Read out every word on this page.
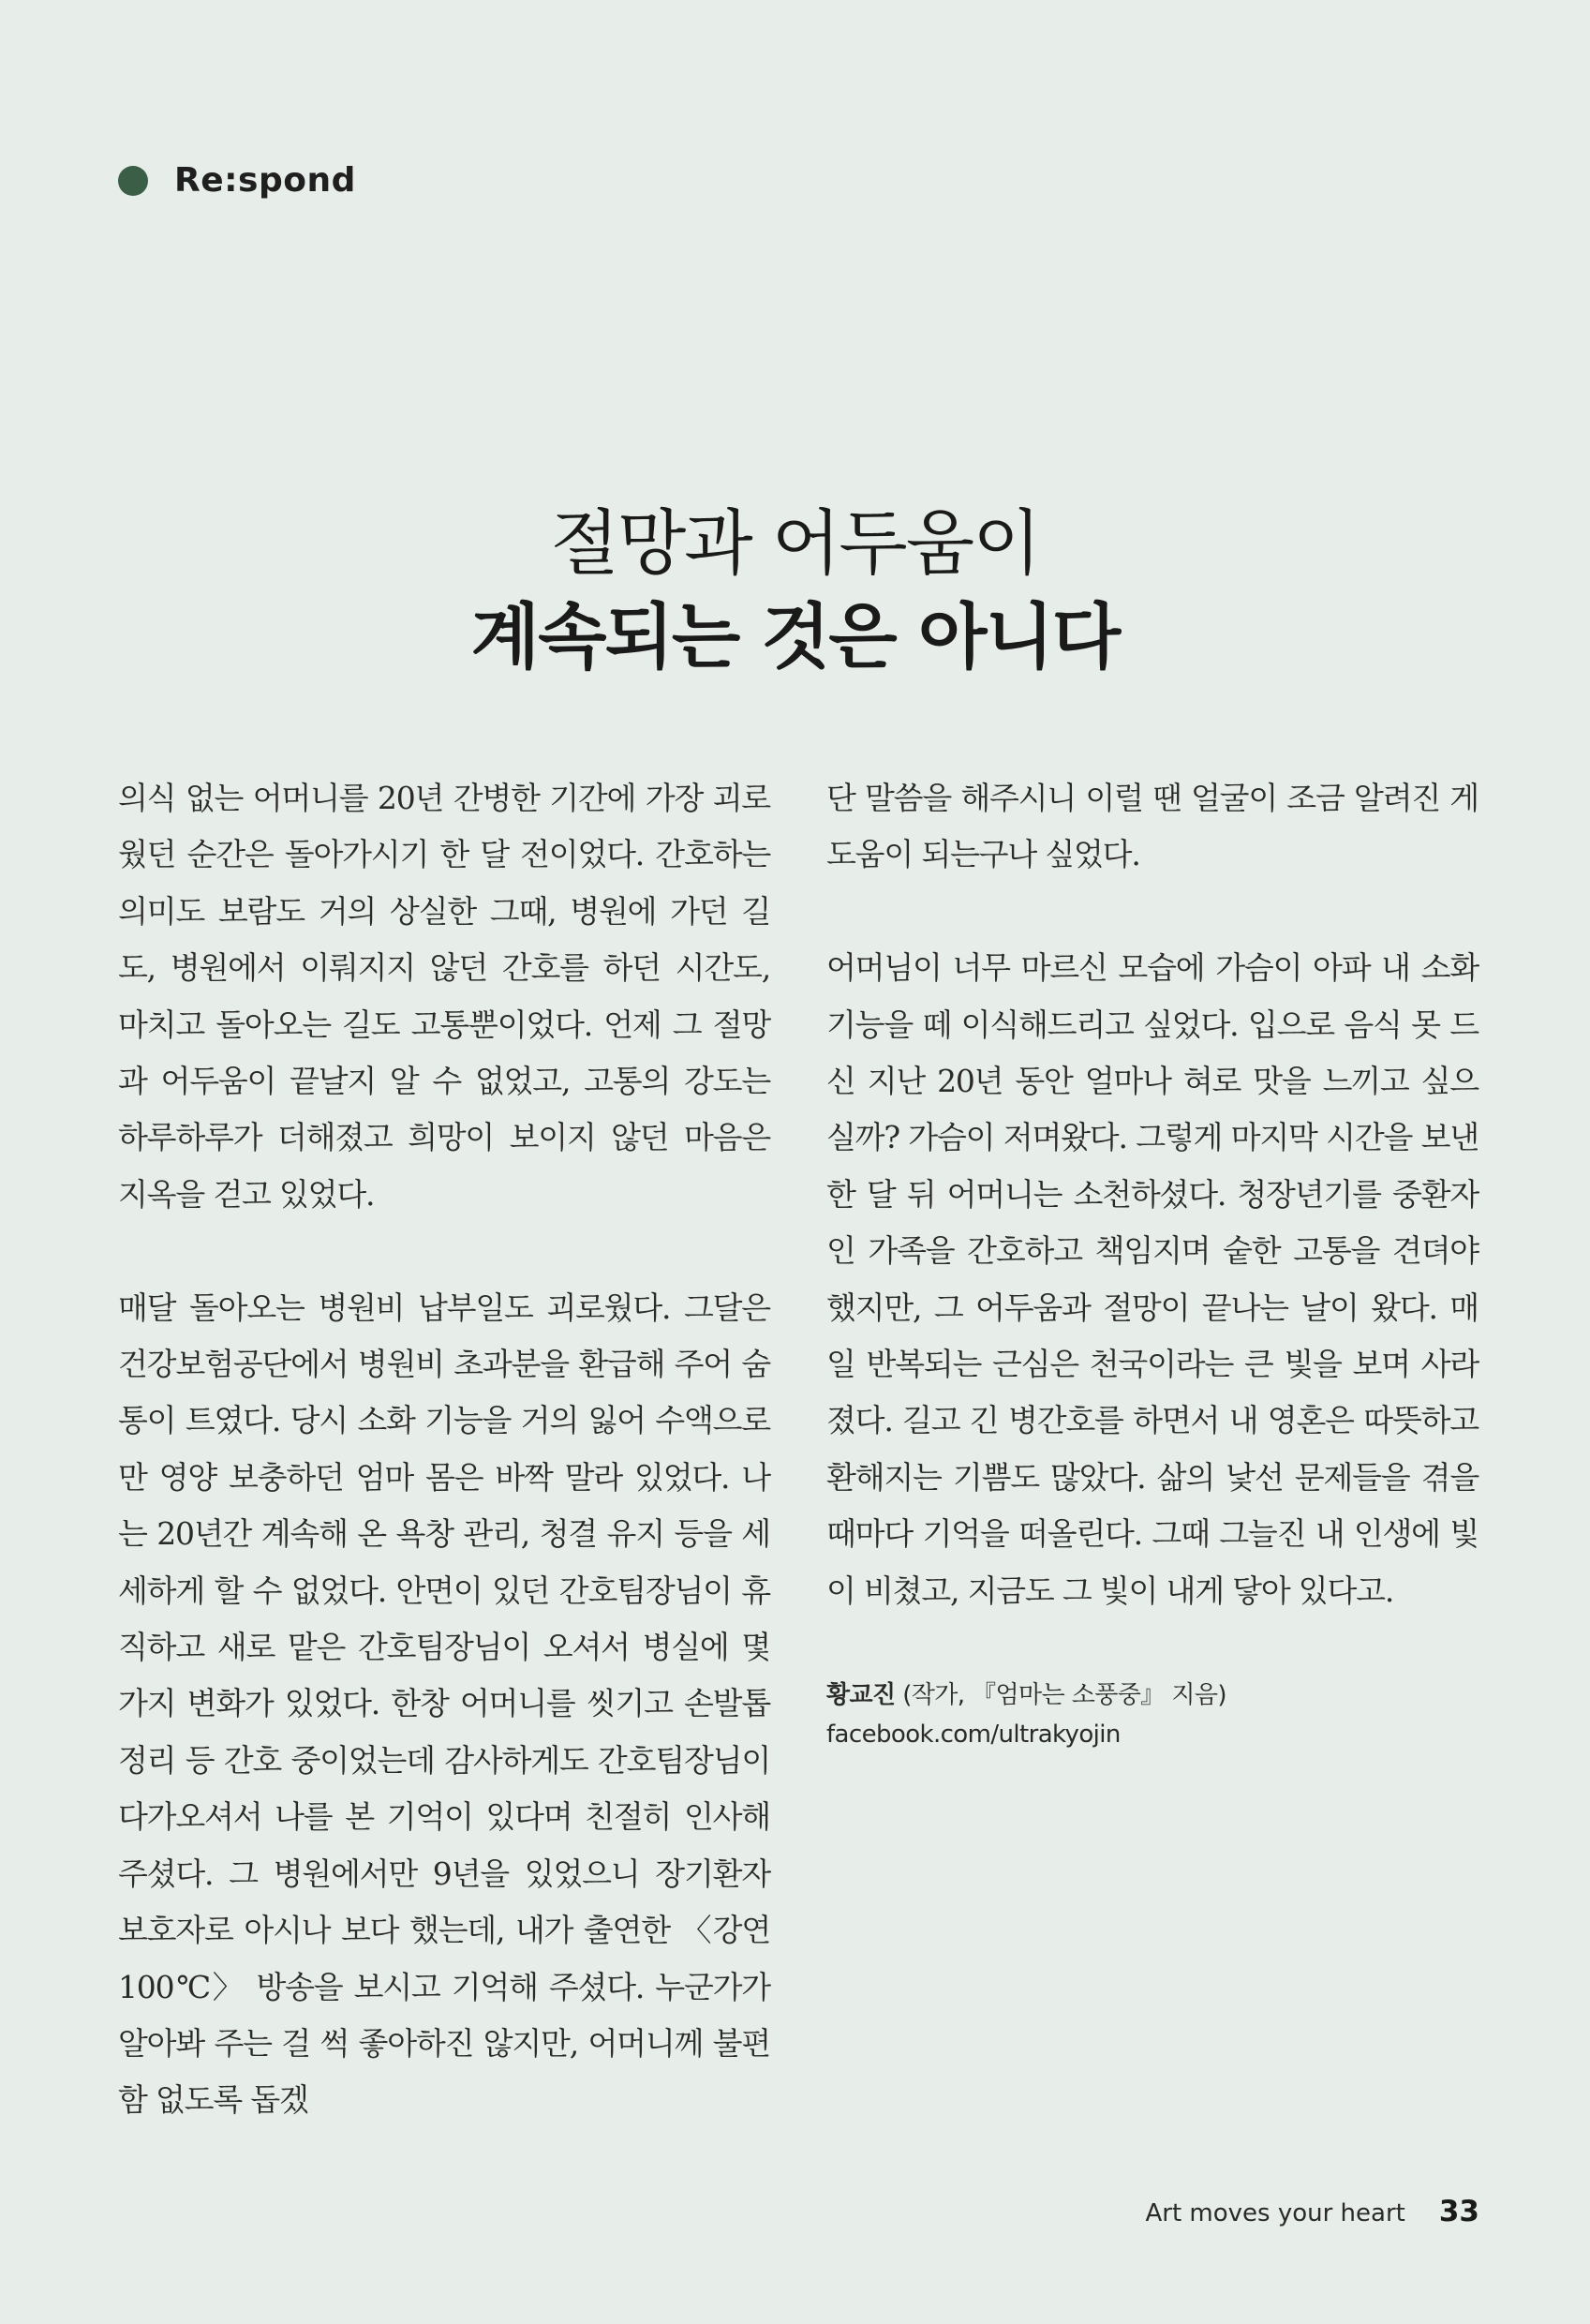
Re:spond
절망과 어두움이
계속되는 것은 아니다

의식 없는 어머니를 20년 간병한 기간에 가장 괴로웠던 순간은 돌아가시기 한 달 전이었다. 간호하는 의미도 보람도 거의 상실한 그때, 병원에 가던 길도, 병원에서 이뤄지지 않던 간호를 하던 시간도, 마치고 돌아오는 길도 고통뿐이었다. 언제 그 절망과 어두움이 끝날지 알 수 없었고, 고통의 강도는 하루하루가 더해졌고 희망이 보이지 않던 마음은 지옥을 걷고 있었다.

매달 돌아오는 병원비 납부일도 괴로웠다. 그달은 건강보험공단에서 병원비 초과분을 환급해 주어 숨통이 트였다. 당시 소화 기능을 거의 잃어 수액으로만 영양 보충하던 엄마 몸은 바짝 말라 있었다. 나는 20년간 계속해 온 욕창 관리, 청결 유지 등을 세세하게 할 수 없었다. 안면이 있던 간호팀장님이 휴직하고 새로 맡은 간호팀장님이 오셔서 병실에 몇 가지 변화가 있었다. 한창 어머니를 씻기고 손발톱 정리 등 간호 중이었는데 감사하게도 간호팀장님이 다가오셔서 나를 본 기억이 있다며 친절히 인사해 주셨다. 그 병원에서만 9년을 있었으니 장기환자 보호자로 아시나 보다 했는데, 내가 출연한 〈강연 100℃〉 방송을 보시고 기억해 주셨다. 누군가가 알아봐 주는 걸 썩 좋아하진 않지만, 어머니께 불편함 없도록 돕겠

단 말씀을 해주시니 이럴 땐 얼굴이 조금 알려진 게 도움이 되는구나 싶었다.

어머님이 너무 마르신 모습에 가슴이 아파 내 소화 기능을 떼 이식해드리고 싶었다. 입으로 음식 못 드신 지난 20년 동안 얼마나 혀로 맛을 느끼고 싶으실까? 가슴이 저며왔다. 그렇게 마지막 시간을 보낸 한 달 뒤 어머니는 소천하셨다. 청장년기를 중환자인 가족을 간호하고 책임지며 숱한 고통을 견뎌야 했지만, 그 어두움과 절망이 끝나는 날이 왔다. 매일 반복되는 근심은 천국이라는 큰 빛을 보며 사라졌다. 길고 긴 병간호를 하면서 내 영혼은 따뜻하고 환해지는 기쁨도 많았다. 삶의 낯선 문제들을 겪을 때마다 기억을 떠올린다. 그때 그늘진 내 인생에 빛이 비쳤고, 지금도 그 빛이 내게 닿아 있다고.

황교진 (작가, 『엄마는 소풍중』 지음)
facebook.com/ultrakyojin
Art moves your heart 33
